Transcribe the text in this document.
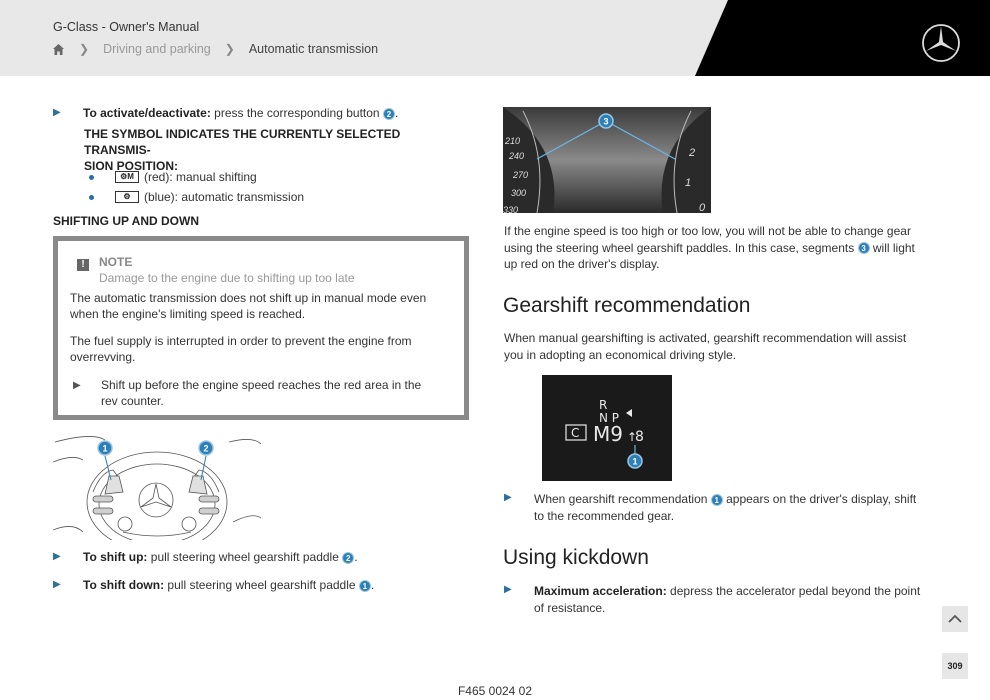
G-Class - Owner's Manual
❯ Driving and parking ❯ Automatic transmission
▶	To activate/deactivate: press the corresponding button 2 .
THE SYMBOL INDICATES THE CURRENTLY SELECTED TRANSMIS-
SION POSITION:
⚙M (red): manual shifting
⚙	(blue): automatic transmission
SHIFTING UP AND DOWN
!	NOTE
Damage to the engine due to shifting up too late
The automatic transmission does not shift up in manual mode even when the engine's limiting speed is reached.
The fuel supply is interrupted in order to prevent the engine from overrevving.
▶	Shift up before the engine speed reaches the red area in the rev counter.
1	2
▶	To shift up: pull steering wheel gearshift paddle 2 .
▶	To shift down: pull steering wheel gearshift paddle 1 .
210
240
270
300
330
2
1
0
3
If the engine speed is too high or too low, you will not be able to change gear using the steering wheel gearshift paddles. In this case, segments 3 will light up red on the driver's display.
Gearshift recommendation
When manual gearshifting is activated, gearshift recommendation will assist you in adopting an economical driving style.
R
N P
C M9 ↑
8
1
▶	When gearshift recommendation 1 appears on the driver's display, shift to the recommended gear.
Using kickdown
▶	Maximum acceleration: depress the accelerator pedal beyond the point of resistance.
309
F465 0024 02
